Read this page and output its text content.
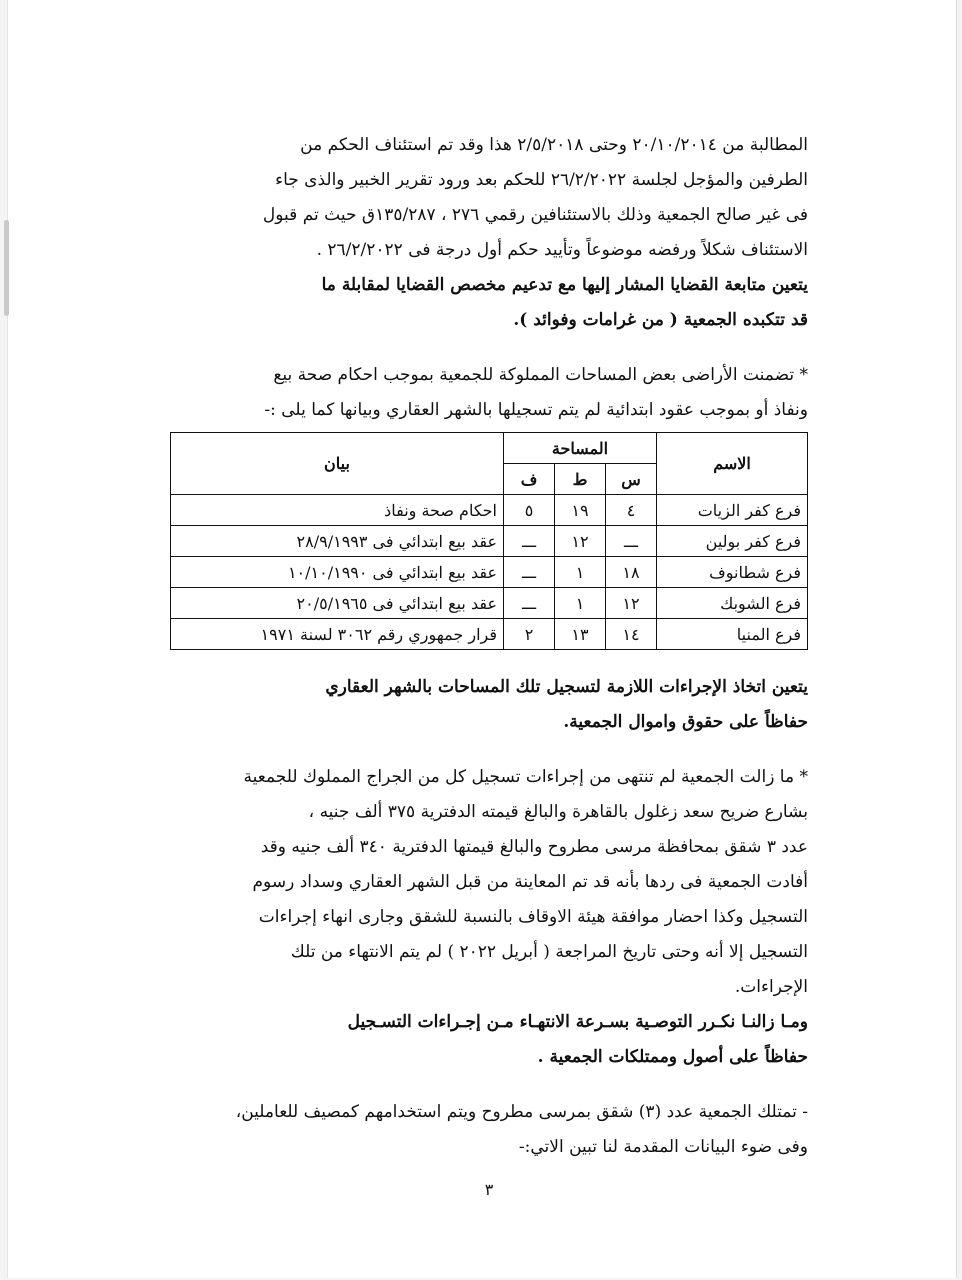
المطالبة من ٢٠/١٠/٢٠١٤ وحتى ٢/٥/٢٠١٨ هذا وقد تم استئناف الحكم من

الطرفين والمؤجل لجلسة ٢٦/٢/٢٠٢٢ للحكم بعد ورود تقرير الخبير والذى جاء

فى غير صالح الجمعية وذلك بالاستئنافين رقمي ٢٧٦ ، ١٣٥/٢٨٧ق حيث تم قبول

الاستئناف شكلاً ورفضه موضوعاً وتأييد حكم أول درجة فى ٢٦/٢/٢٠٢٢ .

يتعين متابعة القضايا المشار إليها مع تدعيم مخصص القضايا لمقابلة ما

قد تتكبده الجمعية ( من غرامات وفوائد ).

* تضمنت الأراضى بعض المساحات المملوكة للجمعية بموجب احكام صحة بيع

ونفاذ أو بموجب عقود ابتدائية لم يتم تسجيلها بالشهر العقاري وبيانها كما يلى :-

الاسم	المساحة			بيان
	س	ط	ف	
فرع كفر الزيات	٤	١٩	٥	احكام صحة ونفاذ
فرع كفر بولين	ـــ	١٢	ـــ	عقد بيع ابتدائي فى ٢٨/٩/١٩٩٣
فرع شطانوف	١٨	١	ـــ	عقد بيع ابتدائي فى ١٠/١٠/١٩٩٠
فرع الشوبك	١٢	١	ـــ	عقد بيع ابتدائي فى ٢٠/٥/١٩٦٥
فرع المنيا	١٤	١٣	٢	قرار جمهوري رقم ٣٠٦٢ لسنة ١٩٧١

يتعين اتخاذ الإجراءات اللازمة لتسجيل تلك المساحات بالشهر العقاري

حفاظاً على حقوق واموال الجمعية.

* ما زالت الجمعية لم تنتهى من إجراءات تسجيل كل من الجراج المملوك للجمعية

بشارع ضريح سعد زغلول بالقاهرة والبالغ قيمته الدفترية ٣٧٥ ألف جنيه ،

عدد ٣ شقق بمحافظة مرسى مطروح والبالغ قيمتها الدفترية ٣٤٠ ألف جنيه وقد

أفادت الجمعية فى ردها بأنه قد تم المعاينة من قبل الشهر العقاري وسداد رسوم

التسجيل وكذا احضار موافقة هيئة الاوقاف بالنسبة للشقق وجارى انهاء إجراءات

التسجيل إلا أنه وحتى تاريخ المراجعة ( أبريل ٢٠٢٢ ) لم يتم الانتهاء من تلك

الإجراءات.

ومـا زالنـا نكـرر التوصـية بسـرعة الانتهـاء مـن إجـراءات التسـجيل

حفاظاً على أصول وممتلكات الجمعية .

- تمتلك الجمعية عدد (٣) شقق بمرسى مطروح ويتم استخدامهم كمصيف للعاملين،

وفى ضوء البيانات المقدمة لنا تبين الاتي:-

٣
